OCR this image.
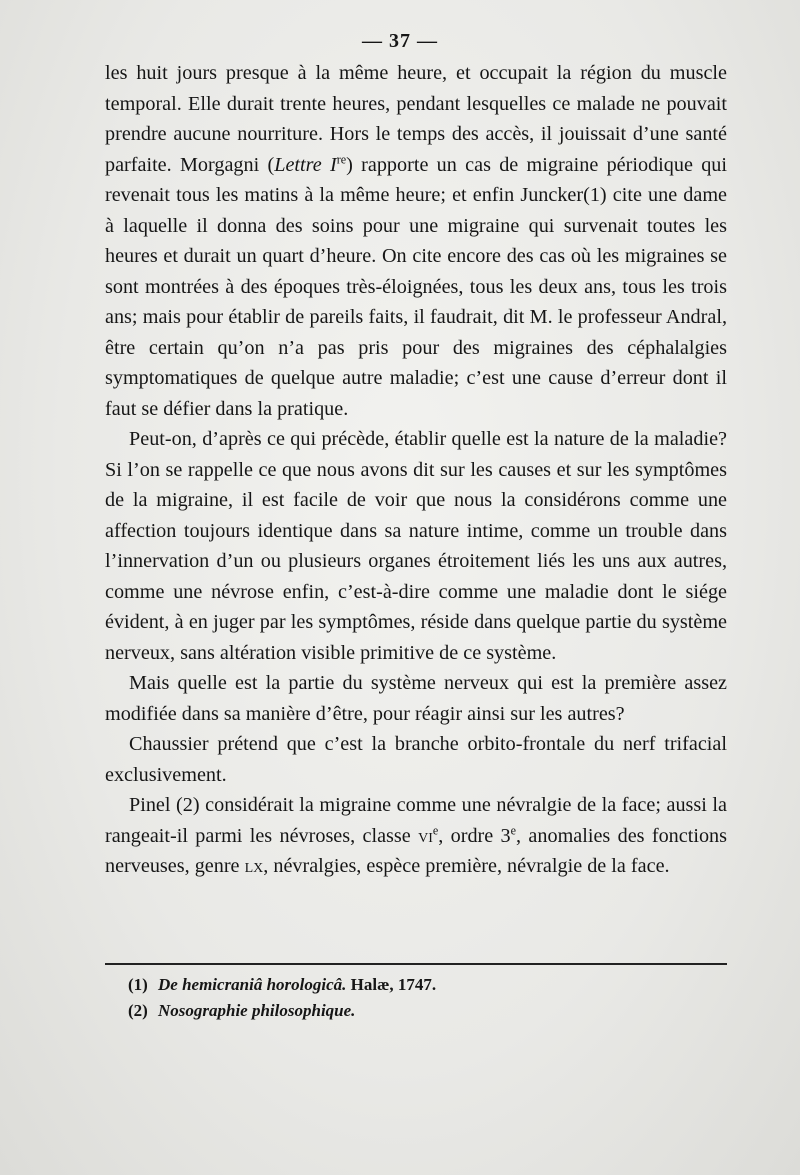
— 37 —

les huit jours presque à la même heure, et occupait la région du muscle temporal. Elle durait trente heures, pendant lesquelles ce malade ne pouvait prendre aucune nourriture. Hors le temps des accès, il jouissait d’une santé parfaite. Morgagni (Lettre Ire) rapporte un cas de migraine périodique qui revenait tous les matins à la même heure; et enfin Juncker(1) cite une dame à laquelle il donna des soins pour une migraine qui survenait toutes les heures et durait un quart d’heure. On cite encore des cas où les migraines se sont montrées à des époques très-éloignées, tous les deux ans, tous les trois ans; mais pour établir de pareils faits, il faudrait, dit M. le professeur Andral, être certain qu’on n’a pas pris pour des migraines des céphalalgies symptomatiques de quelque autre maladie; c’est une cause d’erreur dont il faut se défier dans la pratique.

Peut-on, d’après ce qui précède, établir quelle est la nature de la maladie? Si l’on se rappelle ce que nous avons dit sur les causes et sur les symptômes de la migraine, il est facile de voir que nous la considérons comme une affection toujours identique dans sa nature intime, comme un trouble dans l’innervation d’un ou plusieurs organes étroitement liés les uns aux autres, comme une névrose enfin, c’est-à-dire comme une maladie dont le siége évident, à en juger par les symptômes, réside dans quelque partie du système nerveux, sans altération visible primitive de ce système.

Mais quelle est la partie du système nerveux qui est la première assez modifiée dans sa manière d’être, pour réagir ainsi sur les autres?

Chaussier prétend que c’est la branche orbito-frontale du nerf trifacial exclusivement.

Pinel (2) considérait la migraine comme une névralgie de la face; aussi la rangeait-il parmi les névroses, classe $vi^e$, ordre 3e, anomalies des fonctions nerveuses, genre lx, névralgies, espèce première, névralgie de la face.

(1) De hemicraniâ horologicâ. Halæ, 1747.

(2) Nosographie philosophique.
